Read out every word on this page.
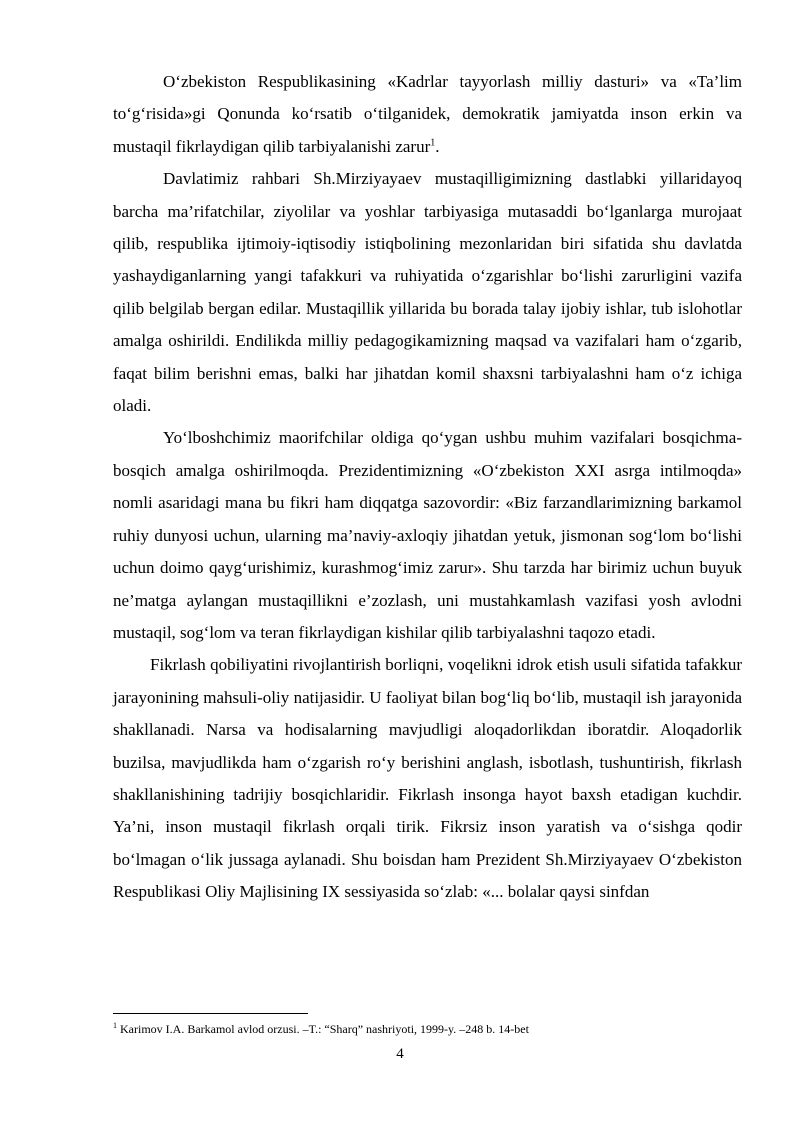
O‘zbekiston Respublikasining «Kadrlar tayyorlash milliy dasturi» va «Ta’lim to‘g‘risida»gi Qonunda ko‘rsatib o‘tilganidek, demokratik jamiyatda inson erkin va mustaqil fikrlaydigan qilib tarbiyalanishi zarur$^1$.

Davlatimiz rahbari Sh.Mirziyayaev mustaqilligimizning dastlabki yillaridayoq barcha ma’rifatchilar, ziyolilar va yoshlar tarbiyasiga mutasaddi bo‘lganlarga murojaat qilib, respublika ijtimoiy-iqtisodiy istiqbolining mezonlaridan biri sifatida shu davlatda yashaydiganlarning yangi tafakkuri va ruhiyatida o‘zgarishlar bo‘lishi zarurligini vazifa qilib belgilab bergan edilar. Mustaqillik yillarida bu borada talay ijobiy ishlar, tub islohotlar amalga oshirildi. Endilikda milliy pedagogikamizning maqsad va vazifalari ham o‘zgarib, faqat bilim berishni emas, balki har jihatdan komil shaxsni tarbiyalashni ham o‘z ichiga oladi.

Yo‘lboshchimiz maorifchilar oldiga qo‘ygan ushbu muhim vazifalari bosqichma-bosqich amalga oshirilmoqda. Prezidentimizning «O‘zbekiston XXI asrga intilmoqda» nomli asaridagi mana bu fikri ham diqqatga sazovordir: «Biz farzandlarimizning barkamol ruhiy dunyosi uchun, ularning ma’naviy-axloqiy jihatdan yetuk, jismonan sog‘lom bo‘lishi uchun doimo qayg‘urishimiz, kurashmog‘imiz zarur». Shu tarzda har birimiz uchun buyuk ne’matga aylangan mustaqillikni e’zozlash, uni mustahkamlash vazifasi yosh avlodni mustaqil, sog‘lom va teran fikrlaydigan kishilar qilib tarbiyalashni taqozo etadi.

Fikrlash qobiliyatini rivojlantirish borliqni, voqelikni idrok etish usuli sifatida tafakkur jarayonining mahsuli-oliy natijasidir. U faoliyat bilan bog‘liq bo‘lib, mustaqil ish jarayonida shakllanadi. Narsa va hodisalarning mavjudligi aloqadorlikdan iboratdir. Aloqadorlik buzilsa, mavjudlikda ham o‘zgarish ro‘y berishini anglash, isbotlash, tushuntirish, fikrlash shakllanishining tadrijiy bosqichlaridir. Fikrlash insonga hayot baxsh etadigan kuchdir. Ya’ni, inson mustaqil fikrlash orqali tirik. Fikrsiz inson yaratish va o‘sishga qodir bo‘lmagan o‘lik jussaga aylanadi. Shu boisdan ham Prezident Sh.Mirziyayaev O‘zbekiston Respublikasi Oliy Majlisining IX sessiyasida so‘zlab: «... bolalar qaysi sinfdan

$^1$ Karimov I.A. Barkamol avlod orzusi. –T.: “Sharq” nashriyoti, 1999-y. –248 b. 14-bet
4
